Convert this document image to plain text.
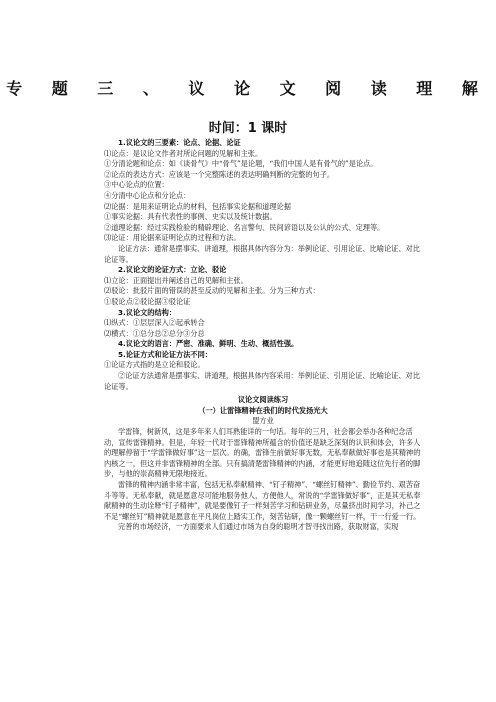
专 题 三 、 议 论 文 阅 读 理 解
时间：1 课时
1.议论文的三要素：论点、论据、论证
⑴论点：是议论文作者对所论问题的见解和主张。
①分清论题和论点：如《谈骨气》中“骨气”是论题，“我们中国人是有骨气的”是论点。
②论点的表达方式：应该是一个完整陈述的表达明确判断的完整的句子。
③中心论点的位置：
④分清中心论点和分论点：
⑵论据：是用来证明论点的材料，包括事实论据和道理论据
①事实论据：具有代表性的事例、史实以及统计数据。
②道理论据：经过实践检验的精辟理论、名言警句、民间谚语以及公认的公式、定理等。
⑶论证：用论据来证明论点的过程和方法。
论证方法：通常是摆事实、讲道理，根据具体内容分为：举例论证、引用论证、比喻论证、对比论证等。
2.议论文的论证方式：立论、驳论
⑴立论：正面提出并阐述自己的见解和主张。
⑵驳论：批驳片面的错误的甚至反动的见解和主张。分为三种方式：
①驳论点②驳论据③驳论证
3.议论文的结构：
⑴纵式：①层层深入②起承转合
⑵横式：①总分总②总分③分总
4.议论文的语言：严密、准确、鲜明、生动、概括性强。
5.论证方式和论证方法不同：
①论证方式指的是立论和驳论。
②论证方法通常是摆事实、讲道理，根据具体内容采用：举例论证、引用论证、比喻论证、对比论证等。
议论文阅读练习
（一）让雷锋精神在我们的时代发扬光大
盟方业
学雷锋，树新风，这是多年来人们耳熟能详的一句话。每年的三月，社会都会举办各种纪念活动，宣传雷锋精神。但是，年轻一代对于雷锋精神所蕴含的价值还是缺乏深刻的认识和体会，许多人的理解停留于“学雷锋做好事”这一层次。的确，雷锋生前做好事无数，无私奉献做好事也是其精神的内核之一，但这并非雷锋精神的全部。只有搞清楚雷锋精神的内涵，才能更好地追随这位先行者的脚步，与他的崇高精神无限地接近。
雷锋的精神内涵非常丰富，包括无私奉献精神、“钉子精神”、“螺丝钉精神”、勤俭节约、艰苦奋斗等等。无私奉献，就是愿意尽可能地服务他人，方便他人，常说的“学雷锋做好事”，正是其无私奉献精神的生动诠释“钉子精神”，就是要像钉子一样刻苦学习和钻研业务，尽量挤出时间学习，补己之不足“螺丝钉”精神就是愿意在平凡岗位上踏实工作，刻苦钻研，像一颗螺丝钉一样，干一行爱一行。
完善的市场经济，一方面要求人们通过市场为自身的聪明才智寻找出路，获取财富，实现
